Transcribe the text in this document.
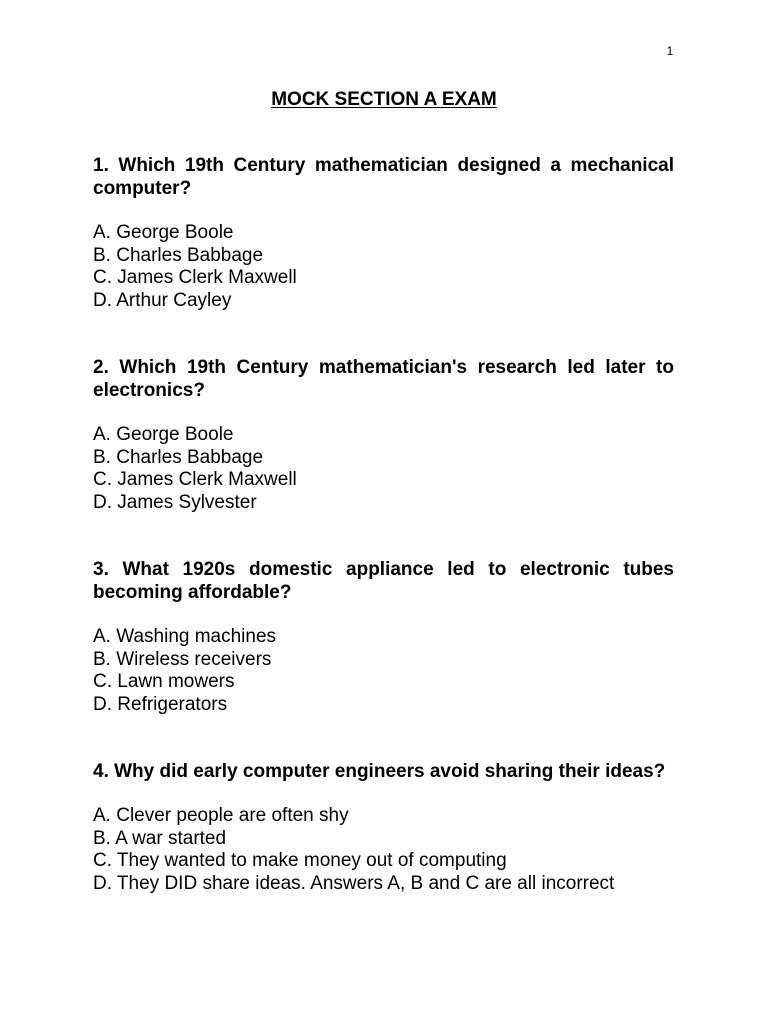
1
MOCK SECTION A EXAM

1. Which 19th Century mathematician designed a mechanical computer?

A. George Boole
B. Charles Babbage
C. James Clerk Maxwell
D. Arthur Cayley

2. Which 19th Century mathematician's research led later to electronics?

A. George Boole
B. Charles Babbage
C. James Clerk Maxwell
D. James Sylvester

3. What 1920s domestic appliance led to electronic tubes becoming affordable?

A. Washing machines
B. Wireless receivers
C. Lawn mowers
D. Refrigerators

4. Why did early computer engineers avoid sharing their ideas?

A. Clever people are often shy
B. A war started
C. They wanted to make money out of computing
D. They DID share ideas. Answers A, B and C are all incorrect
